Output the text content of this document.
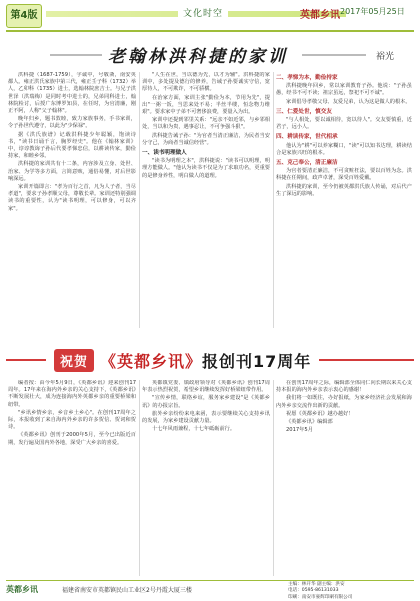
第4版	文化时空	英都乡讯 2017年05月25日
老翰林洪科捷的家训	裕光

洪科捷（1687-1759），字诚中，号敬斋，南安英都人。雍正洪氏家族中第三代，雍正壬子科（1732）举人，乙卯科（1735）进士，选翰林院庶吉士。与兄子洪世泽（洪瑞梅）是同时考中进士的，兄弟同科进士，翰林院检讨，后授广东博罗知县，在任时，为官清廉，刚正不阿，人称"父子翰林"。

晚年归乡，题书敦睦，致力家族事务，手书家训，令子孙世代遵守，以此为"少保禄"。

据《洪氏族谱》记载洪科捷少年聪颖，饱读诗书，"读书日诵千言，胸罗经史"。他在《翰林家训》中，谆谆教诲子孙后代要孝悌忠信，以耕读传家，勤俭持家，和睦乡邻。

洪科捷的家训共有十二条，内容涉及立身、处世、治家、为学等多方面，言简意赅，通俗易懂，对后世影响深远。

家训开篇即言："孝为百行之首，凡为人子者，当尽孝道"，要求子孙孝顺父母，尊敬长辈。家训还特别强调读书的重要性，认为"读书明理，可以修身，可以齐家"。

"人生在世，当以德为先，以才为辅"。洪科捷的家训中，多处提及德行的修养，告诫子孙要诚实守信，宽厚待人，不可欺诈，不可骄横。

在治家方面，家训主张"勤俭为本，节用为先"，提出"一粥一饭，当思来处不易；半丝半缕，恒念物力维艰"。要求家中子弟不可奢侈浪费，要量入为出。

家训中还提到邻里关系："远亲不如近邻，与乡邻相处，当以和为贵，遇事忍让，不可争强斗狠"。

洪科捷告诫子孙："为官者当清正廉洁，为民者当安分守己，为商者当诚信经营"。

一、读书明理做人

"读书为明理之本"，洪科捷说："读书可以明理，明理方能做人。"他认为读书不仅是为了求取功名，更重要的是修身养性，明白做人的道理。

二、孝悌为本，勤俭持家

洪科捷晚年回乡，常以家训教育子孙。他说："子孙虽愚，经书不可不读；祖宗虽远，祭祀不可不诚"。

家训倡导孝敬父母、友爱兄弟，认为这是做人的根本。

三、仁爱处世，慎交友

"与人相处，要以诚相待，宽以待人"。交友要慎重，近君子，远小人。

四、耕读传家，世代相承

他认为"耕"可以养家糊口，"读"可以知书达理，耕读结合是家族兴旺的根本。

五、克己奉公，清正廉洁

为官者要清正廉洁，不可贪赃枉法，要以百姓为念。洪科捷在任期间，政声卓著，深受百姓爱戴。

洪科捷的家训，至今仍被英都洪氏族人传诵，对后代产生了深远的影响。

祝贺 《英都乡讯》报创刊17周年

编者按：由今年5月9日，《英都乡讯》迎来创刊17周年。17年来在海内外乡亲的关心支持下，《英都乡讯》不断发展壮大，成为连接海内外英都乡亲的重要桥梁和纽带。

"乡讯乡情乡亲，乡音乡土乡心"。在创刊17周年之际，本报收到了来自海内外乡亲的许多贺信、贺词和贺诗。

《英都乡讯》创刊于2000年5月，至今已出版近百期，发行遍及国内外各地，深受广大乡亲的喜爱。

英都镇党委、镇政府领导对《英都乡讯》创刊17周年表示热烈祝贺，希望乡讯继续发挥好桥梁纽带作用。

"宣传乡情，联络乡谊，服务家乡建设"是《英都乡讯》的办报宗旨。

旅外乡亲纷纷来电来函，表示要继续关心支持乡讯的发展，为家乡建设贡献力量。

十七年风雨兼程，十七年砥砺前行。

在创刊17周年之际，编辑部全体同仁向长期以来关心支持本报的海内外乡亲表示衷心的感谢！

我们将一如既往，办好报纸，为家乡经济社会发展和海内外乡亲交流作出新的贡献。

祝愿《英都乡讯》越办越好！

《英都乡讯》编辑部

2017年5月

英都乡讯	福建省南安市英都镇民山工业区2号丹霞大厦三楼
主编：林开华 副主编：洪安
电话：0595-86131033
印刷：南安市豪辉印刷有限公司
